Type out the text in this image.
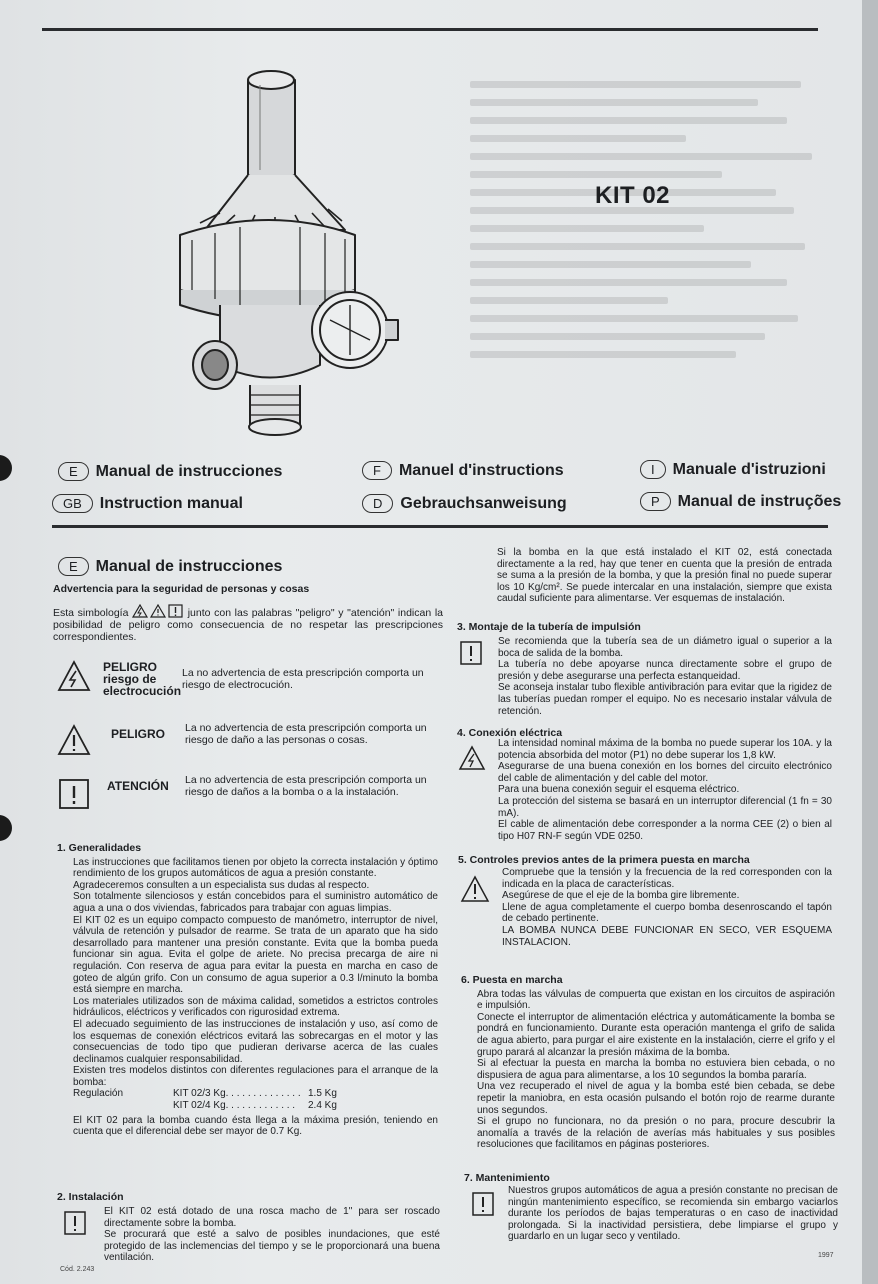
KIT 02
E	Manual de instrucciones	F	Manuel d'instructions	I	Manuale d'istruzioni
GB	Instruction manual	D	Gebrauchsanweisung	P	Manual de instruções
E	Manual de instrucciones

Advertencia para la seguridad de personas y cosas

Esta simbología	junto con las palabras "peligro" y "atención" indican la posibilidad de peligro como consecuencia de no respetar las prescripciones correspondientes.

PELIGRO riesgo de electrocución
La no advertencia de esta prescripción comporta un riesgo de electrocución.
PELIGRO La no advertencia de esta prescripción comporta un riesgo de daño a las personas o cosas.
ATENCIÓN La no advertencia de esta prescripción comporta un riesgo de daños a la bomba o a la instalación.

1. Generalidades

Las instrucciones que facilitamos tienen por objeto la correcta instalación y óptimo rendimiento de los grupos automáticos de agua a presión constante.

Agradeceremos consulten a un especialista sus dudas al respecto.

Son totalmente silenciosos y están concebidos para el suministro automático de agua a una o dos viviendas, fabricados para trabajar con aguas limpias.

El KIT 02 es un equipo compacto compuesto de manómetro, interruptor de nivel, válvula de retención y pulsador de rearme. Se trata de un aparato que ha sido desarrollado para mantener una presión constante. Evita que la bomba pueda funcionar sin agua. Evita el golpe de ariete. No precisa precarga de aire ni regulación. Con reserva de agua para evitar la puesta en marcha en caso de goteo de algún grifo. Con un consumo de agua superior a 0.3 l/minuto la bomba está siempre en marcha.

Los materiales utilizados son de máxima calidad, sometidos a estrictos controles hidráulicos, eléctricos y verificados con rigurosidad extrema.

El adecuado seguimiento de las instrucciones de instalación y uso, así como de los esquemas de conexión eléctricos evitará las sobrecargas en el motor y las consecuencias de todo tipo que pudieran derivarse acerca de las cuales declinamos cualquier responsabilidad.

Existen tres modelos distintos con diferentes regulaciones para el arranque de la bomba:

Regulación	KIT 02/3 Kg. . . . . . . . . . . . . . 1.5 Kg
KIT 02/4 Kg. . . . . . . . . . . . .	2.4 Kg

El KIT 02 para la bomba cuando ésta llega a la máxima presión, teniendo en cuenta que el diferencial debe ser mayor de 0.7 Kg.

2. Instalación

El KIT 02 está dotado de una rosca macho de 1" para ser roscado directamente sobre la bomba.

Se procurará que esté a salvo de posibles inundaciones, que esté protegido de las inclemencias del tiempo y se le proporcionará una buena ventilación.

Si la bomba en la que está instalado el KIT 02, está conectada directamente a la red, hay que tener en cuenta que la presión de entrada se suma a la presión de la bomba, y que la presión final no puede superar los 10 Kg/cm². Se puede intercalar en una instalación, siempre que exista caudal suficiente para alimentarse. Ver esquemas de instalación.

3. Montaje de la tubería de impulsión

Se recomienda que la tubería sea de un diámetro igual o superior a la boca de salida de la bomba.

La tubería no debe apoyarse nunca directamente sobre el grupo de presión y debe asegurarse una perfecta estanqueidad.

Se aconseja instalar tubo flexible antivibración para evitar que la rigidez de las tuberías puedan romper el equipo. No es necesario instalar válvula de retención.

4. Conexión eléctrica

La intensidad nominal máxima de la bomba no puede superar los 10A. y la potencia absorbida del motor (P1) no debe superar los 1,8 kW.

Asegurarse de una buena conexión en los bornes del circuito electrónico del cable de alimentación y del cable del motor.

Para una buena conexión seguir el esquema eléctrico.

La protección del sistema se basará en un interruptor diferencial (1 fn = 30 mA).

El cable de alimentación debe corresponder a la norma CEE (2) o bien al tipo H07 RN-F según VDE 0250.

5. Controles previos antes de la primera puesta en marcha

Compruebe que la tensión y la frecuencia de la red corresponden con la indicada en la placa de características.

Asegúrese de que el eje de la bomba gire libremente.

Llene de agua completamente el cuerpo bomba desenroscando el tapón de cebado pertinente.

LA BOMBA NUNCA DEBE FUNCIONAR EN SECO, VER ESQUEMA INSTALACION.

6. Puesta en marcha

Abra todas las válvulas de compuerta que existan en los circuitos de aspiración e impulsión.

Conecte el interruptor de alimentación eléctrica y automáticamente la bomba se pondrá en funcionamiento. Durante esta operación mantenga el grifo de salida de agua abierto, para purgar el aire existente en la instalación, cierre el grifo y el grupo parará al alcanzar la presión máxima de la bomba.

Si al efectuar la puesta en marcha la bomba no estuviera bien cebada, o no dispusiera de agua para alimentarse, a los 10 segundos la bomba pararía.

Una vez recuperado el nivel de agua y la bomba esté bien cebada, se debe repetir la maniobra, en esta ocasión pulsando el botón rojo de rearme durante unos segundos.

Si el grupo no funcionara, no da presión o no para, procure descubrir la anomalía a través de la relación de averías más habituales y sus posibles resoluciones que facilitamos en páginas posteriores.

7. Mantenimiento

Nuestros grupos automáticos de agua a presión constante no precisan de ningún mantenimiento específico, se recomienda sin embargo vaciarlos durante los períodos de bajas temperaturas o en caso de inactividad prolongada. Si la inactividad persistiera, debe limpiarse el grupo y guardarlo en un lugar seco y ventilado.

Cód. 2.243
1997
